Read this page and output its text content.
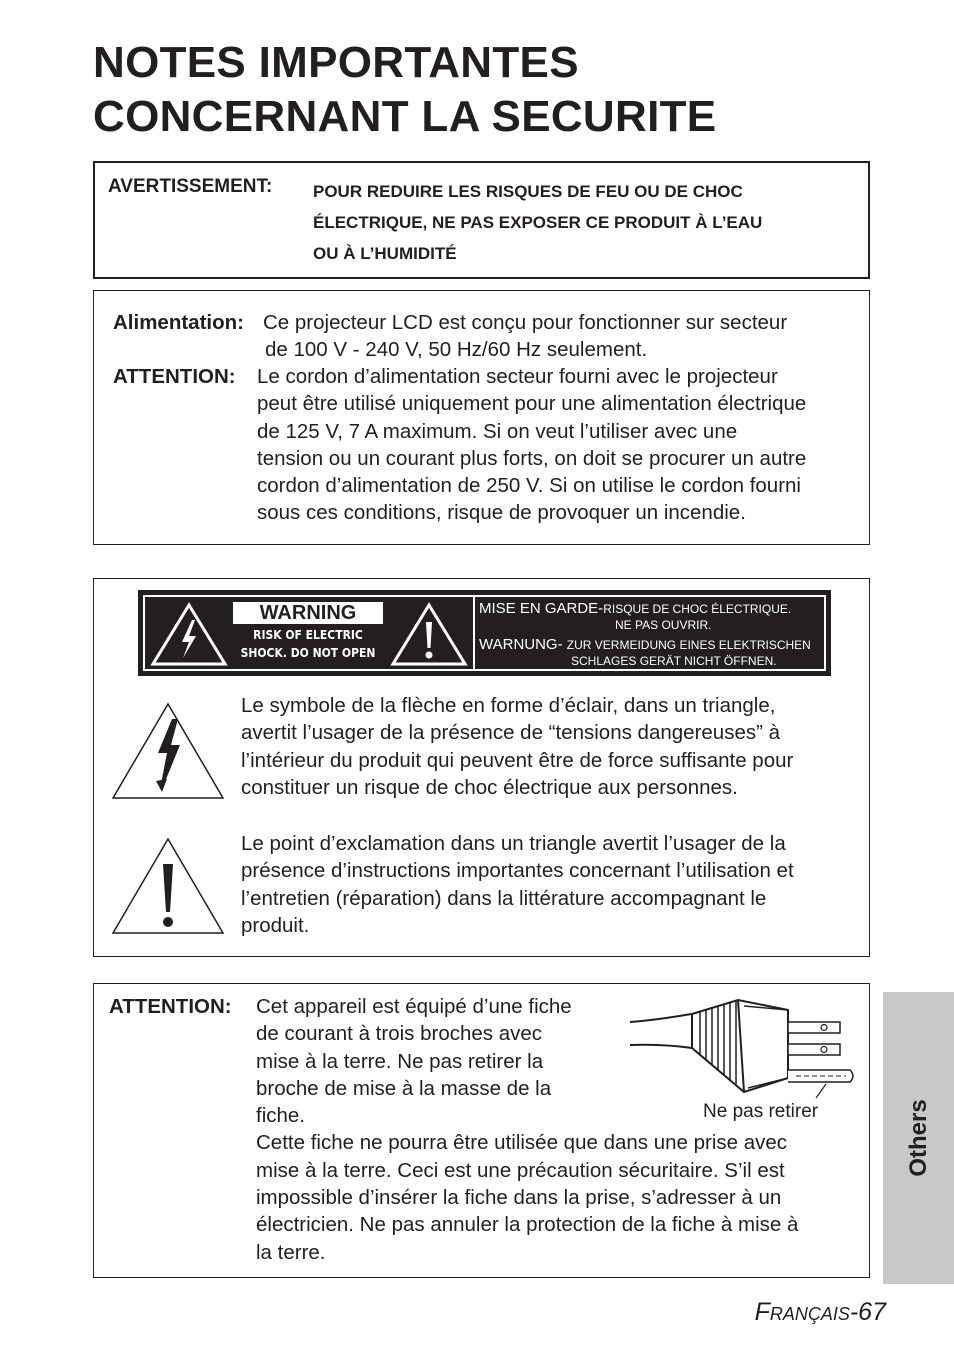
NOTES IMPORTANTES
CONCERNANT LA SECURITE
AVERTISSEMENT: POUR REDUIRE LES RISQUES DE FEU OU DE CHOC
ÉLECTRIQUE, NE PAS EXPOSER CE PRODUIT À L’EAU
OU À L’HUMIDITÉ
Alimentation: Ce projecteur LCD est conçu pour fonctionner sur secteur
de 100 V - 240 V, 50 Hz/60 Hz seulement.
ATTENTION: Le cordon d’alimentation secteur fourni avec le projecteur
peut être utilisé uniquement pour une alimentation électrique
de 125 V, 7 A maximum. Si on veut l’utiliser avec une
tension ou un courant plus forts, on doit se procurer un autre
cordon d’alimentation de 250 V. Si on utilise le cordon fourni
sous ces conditions, risque de provoquer un incendie.
WARNING
RISK OF ELECTRIC
SHOCK. DO NOT OPEN
MISE EN GARDE-RISQUE DE CHOC ÉLECTRIQUE.
NE PAS OUVRIR.
WARNUNG- ZUR VERMEIDUNG EINES ELEKTRISCHEN
SCHLAGES GERÄT NICHT ÖFFNEN.
Le symbole de la flèche en forme d’éclair, dans un triangle,
avertit l’usager de la présence de “tensions dangereuses” à
l’intérieur du produit qui peuvent être de force suffisante pour
constituer un risque de choc électrique aux personnes.
Le point d’exclamation dans un triangle avertit l’usager de la
présence d’instructions importantes concernant l’utilisation et
l’entretien (réparation) dans la littérature accompagnant le
produit.
ATTENTION: Cet appareil est équipé d’une fiche
de courant à trois broches avec
mise à la terre. Ne pas retirer la
broche de mise à la masse de la
fiche.
Cette fiche ne pourra être utilisée que dans une prise avec
mise à la terre. Ceci est une précaution sécuritaire. S’il est
impossible d’insérer la fiche dans la prise, s’adresser à un
électricien. Ne pas annuler la protection de la fiche à mise à
la terre.
Ne pas retirer	Others
Français-67
